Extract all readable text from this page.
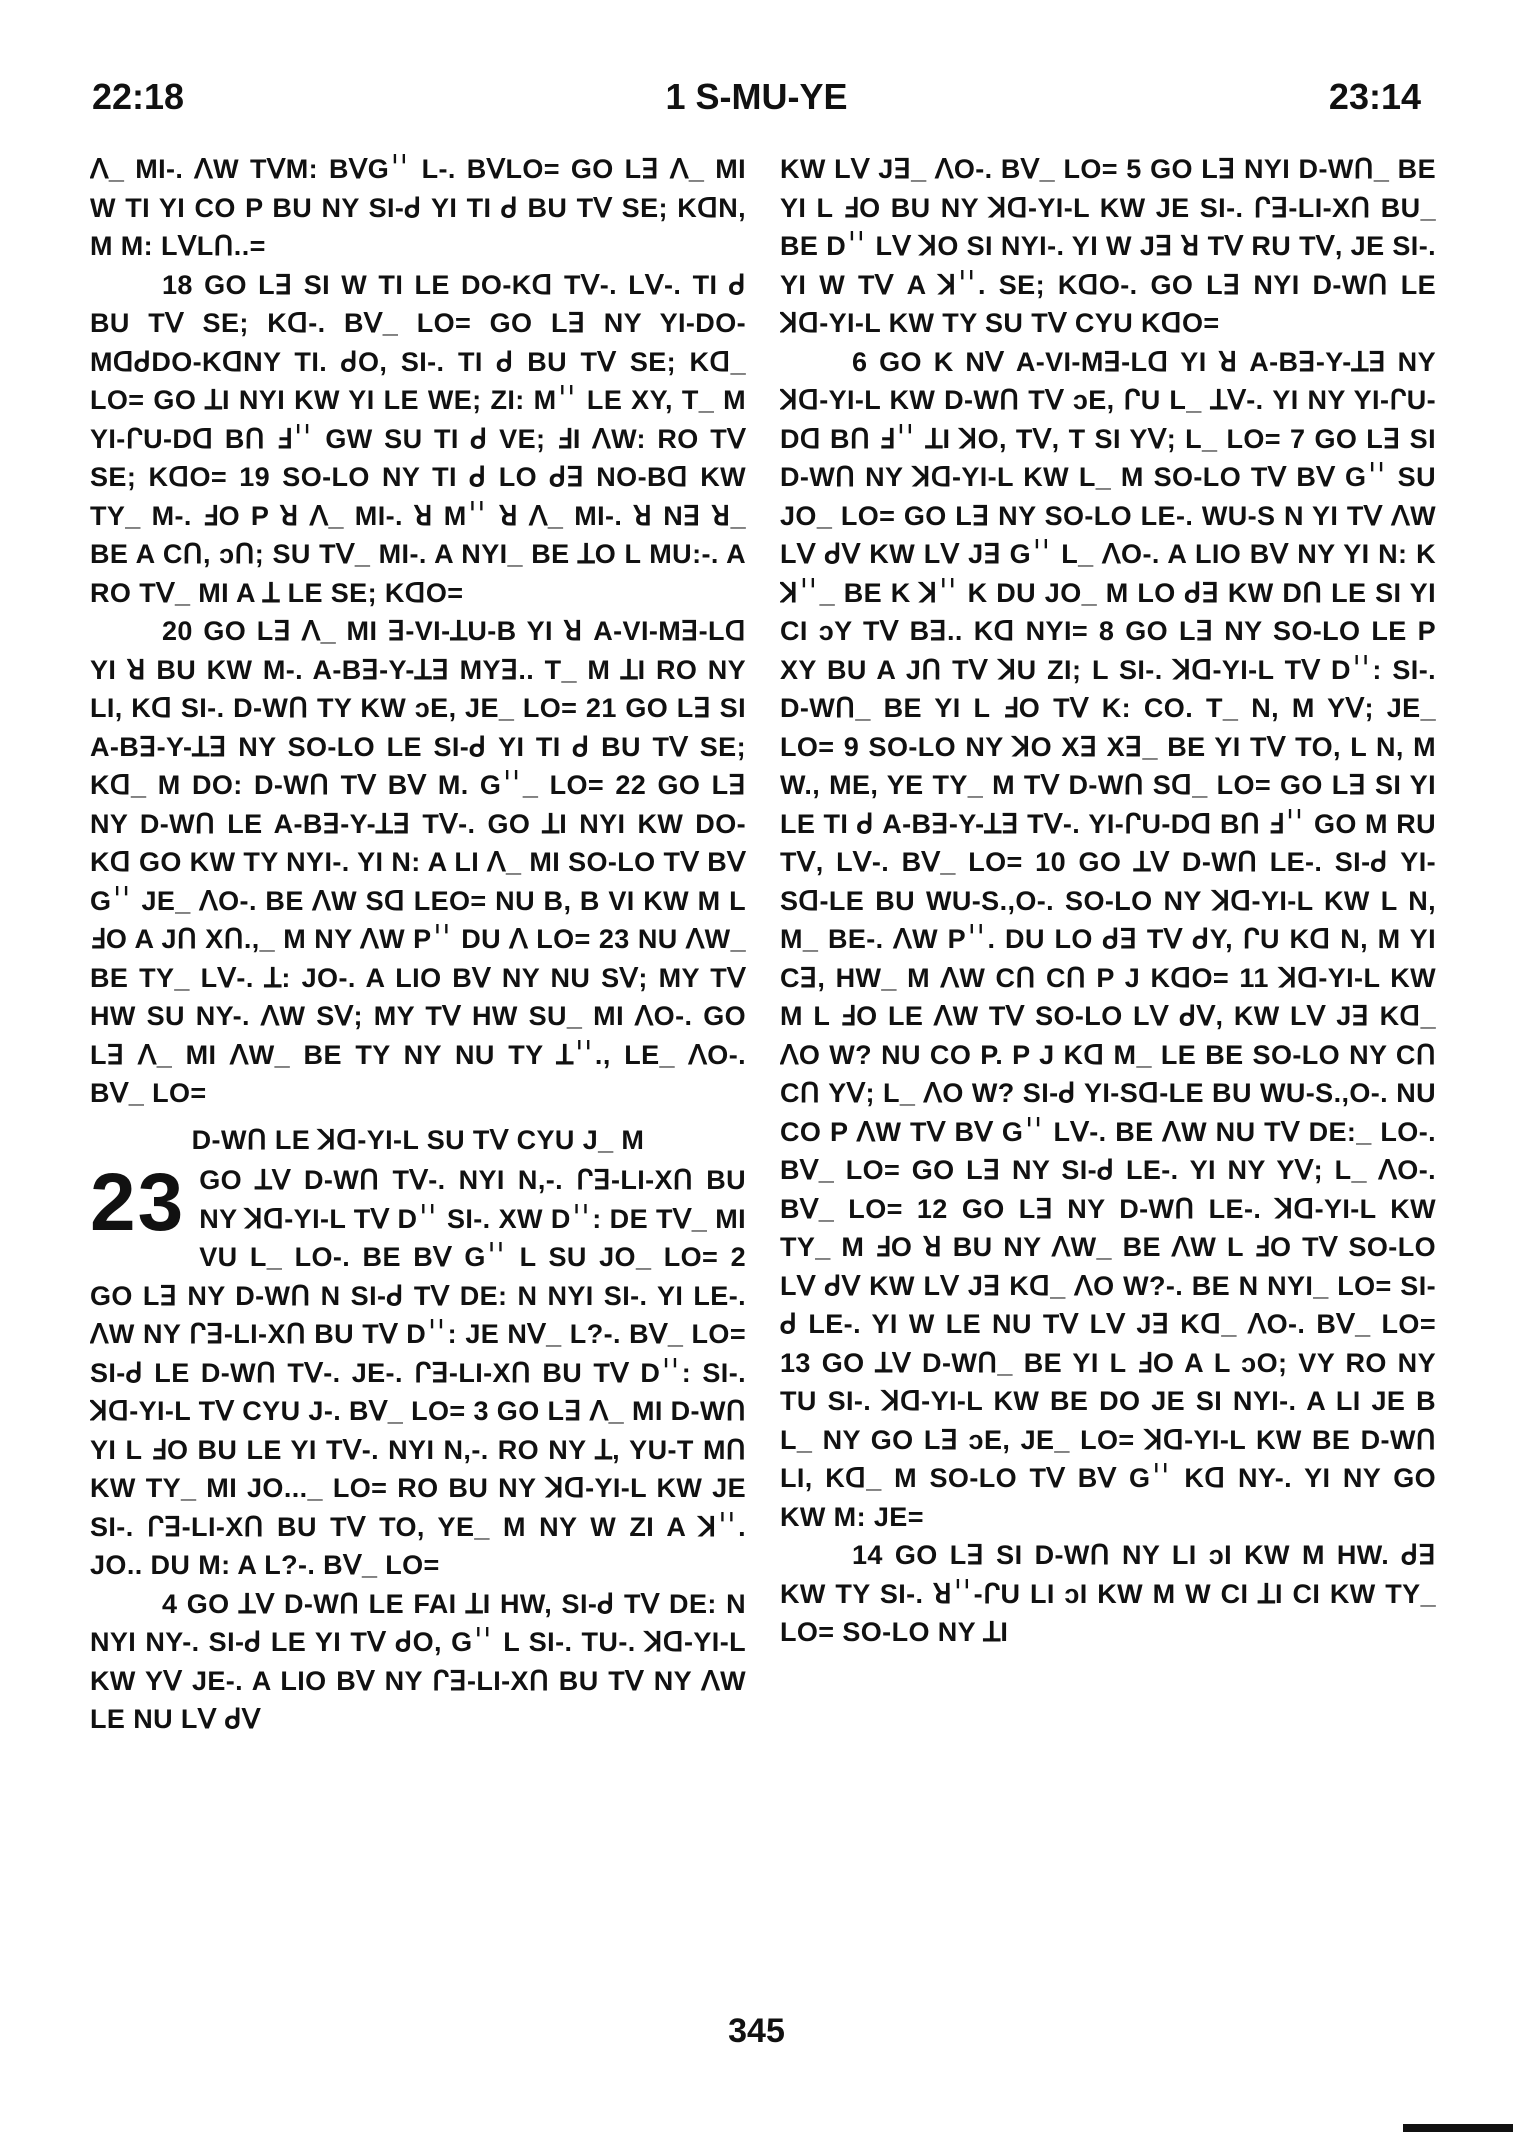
22:18	1 S-MU-YE	23:14

ᐱ_ MI-. ᐱW TᐯM: BᐯG꓆ L-. BᐯLO= GO Lꓱ ᐱ_ MI W TI YI CO P BU NY SI-ᑯ YI TI ᑯ BU Tᐯ SE; KᗡN, M M: LᐯLՈ..=

18 GO Lꓱ SI W TI LE DO-Kᗡ Tᐯ-. Lᐯ-. TI ᑯ BU Tᐯ SE; Kᗡ-. Bᐯ_ LO= GO Lꓱ NY YI-DO-MᗡᑯDO-KᗡNY TI. ᑯO, SI-. TI ᑯ BU Tᐯ SE; Kᗡ_ LO= GO ꓕI NYI KW YI LE WE; ZI: M꓆ LE XY, T_ M YI-ᒋU-Dᗡ BՈ ꓞ꓆ GW SU TI ᑯ VE; ꓞI ᐱW: RO Tᐯ SE; KᗡO= 19 SO-LO NY TI ᑯ LO ᑯꓱ NO-Bᗡ KW TY_ M-. ꓞO P ꓤ ᐱ_ MI-. ꓤ M꓆ ꓤ ᐱ_ MI-. ꓤ Nꓱ ꓤ_ BE A CՈ, ↄՈ; SU Tᐯ_ MI-. A NYI_ BE ꓕO L MU:-. A RO Tᐯ_ MI A ꓕ LE SE; KᗡO=

20 GO Lꓱ ᐱ_ MI ꓱ-VI-ꓕU-B YI ꓤ A-VI-Mꓱ-Lᗡ YI ꓤ BU KW M-. A-Bꓱ-Y-ꓕꓱ MYꓱ.. T_ M ꓕI RO NY LI, Kᗡ SI-. D-WՈ TY KW ↄE, JE_ LO= 21 GO Lꓱ SI A-Bꓱ-Y-ꓕꓱ NY SO-LO LE SI-ᑯ YI TI ᑯ BU Tᐯ SE; Kᗡ_ M DO: D-WՈ Tᐯ Bᐯ M. G꓆_ LO= 22 GO Lꓱ NY D-WՈ LE A-Bꓱ-Y-ꓕꓱ Tᐯ-. GO ꓕI NYI KW DO-Kᗡ GO KW TY NYI-. YI N: A LI ᐱ_ MI SO-LO Tᐯ Bᐯ G꓆ JE_ ᐱO-. BE ᐱW Sᗡ LEO= NU B, B VI KW M L ꓞO A JՈ XՈ.,_ M NY ᐱW P꓆ DU ᐱ LO= 23 NU ᐱW_ BE TY_ Lᐯ-. ꓕ: JO-. A LIO Bᐯ NY NU Sᐯ; MY Tᐯ HW SU NY-. ᐱW Sᐯ; MY Tᐯ HW SU_ MI ᐱO-. GO Lꓱ ᐱ_ MI ᐱW_ BE TY NY NU TY ꓕ꓆., LE_ ᐱO-. Bᐯ_ LO=

D-WՈ LE ꓘᗡ-YI-L SU Tᐯ CYU J_ M
23 GO ꓕᐯ D-WՈ Tᐯ-. NYI N,-. ᒋꓱ-LI-XՈ BU NY ꓘᗡ-YI-L Tᐯ D꓆ SI-. XW D꓆: DE Tᐯ_ MI VU L_ LO-. BE Bᐯ G꓆ L SU JO_ LO= 2 GO Lꓱ NY D-WՈ N SI-ᑯ Tᐯ DE: N NYI SI-. YI LE-. ᐱW NY ᒋꓱ-LI-XՈ BU Tᐯ D꓆: JE Nᐯ_ L?-. Bᐯ_ LO= SI-ᑯ LE D-WՈ Tᐯ-. JE-. ᒋꓱ-LI-XՈ BU Tᐯ D꓆: SI-. ꓘᗡ-YI-L Tᐯ CYU J-. Bᐯ_ LO= 3 GO Lꓱ ᐱ_ MI D-WՈ YI L ꓞO BU LE YI Tᐯ-. NYI N,-. RO NY ꓕ, YU-T MՈ KW TY_ MI JO..._ LO= RO BU NY ꓘᗡ-YI-L KW JE SI-. ᒋꓱ-LI-XՈ BU Tᐯ TO, YE_ M NY W ZI A ꓘ꓆. JO.. DU M: A L?-. Bᐯ_ LO=

4 GO ꓕᐯ D-WՈ LE FAI ꓕI HW, SI-ᑯ Tᐯ DE: N NYI NY-. SI-ᑯ LE YI Tᐯ ᑯO, G꓆ L SI-. TU-. ꓘᗡ-YI-L KW Yᐯ JE-. A LIO Bᐯ NY ᒋꓱ-LI-XՈ BU Tᐯ NY ᐱW LE NU Lᐯ ᑯᐯ

KW Lᐯ Jꓱ_ ᐱO-. Bᐯ_ LO= 5 GO Lꓱ NYI D-WՈ_ BE YI L ꓞO BU NY ꓘᗡ-YI-L KW JE SI-. ᒋꓱ-LI-XՈ BU_ BE D꓆ Lᐯ ꓘO SI NYI-. YI W Jꓱ ꓤ Tᐯ RU Tᐯ, JE SI-. YI W Tᐯ A ꓘ꓆. SE; KᗡO-. GO Lꓱ NYI D-WՈ LE ꓘᗡ-YI-L KW TY SU Tᐯ CYU KᗡO=

6 GO K Nᐯ A-VI-Mꓱ-Lᗡ YI ꓤ A-Bꓱ-Y-ꓕꓱ NY ꓘᗡ-YI-L KW D-WՈ Tᐯ ↄE, ᒋU L_ ꓕᐯ-. YI NY YI-ᒋU-Dᗡ BՈ ꓞ꓆ ꓕI ꓘO, Tᐯ, T SI Yᐯ; L_ LO= 7 GO Lꓱ SI D-WՈ NY ꓘᗡ-YI-L KW L_ M SO-LO Tᐯ Bᐯ G꓆ SU JO_ LO= GO Lꓱ NY SO-LO LE-. WU-S N YI Tᐯ ᐱW Lᐯ ᑯᐯ KW Lᐯ Jꓱ G꓆ L_ ᐱO-. A LIO Bᐯ NY YI N: K ꓘ꓆_ BE K ꓘ꓆ K DU JO_ M LO ᑯꓱ KW DՈ LE SI YI CI ↄY Tᐯ Bꓱ.. Kᗡ NYI= 8 GO Lꓱ NY SO-LO LE P XY BU A JՈ Tᐯ ꓘU ZI; L SI-. ꓘᗡ-YI-L Tᐯ D꓆: SI-. D-WՈ_ BE YI L ꓞO Tᐯ K: CO. T_ N, M Yᐯ; JE_ LO= 9 SO-LO NY ꓘO Xꓱ Xꓱ_ BE YI Tᐯ TO, L N, M W., ME, YE TY_ M Tᐯ D-WՈ Sᗡ_ LO= GO Lꓱ SI YI LE TI ᑯ A-Bꓱ-Y-ꓕꓱ Tᐯ-. YI-ᒋU-Dᗡ BՈ ꓞ꓆ GO M RU Tᐯ, Lᐯ-. Bᐯ_ LO= 10 GO ꓕᐯ D-WՈ LE-. SI-ᑯ YI-Sᗡ-LE BU WU-S.,O-. SO-LO NY ꓘᗡ-YI-L KW L N, M_ BE-. ᐱW P꓆. DU LO ᑯꓱ Tᐯ ᑯY, ᒋU Kᗡ N, M YI Cꓱ, HW_ M ᐱW CՈ CՈ P J KᗡO= 11 ꓘᗡ-YI-L KW M L ꓞO LE ᐱW Tᐯ SO-LO Lᐯ ᑯᐯ, KW Lᐯ Jꓱ Kᗡ_ ᐱO W? NU CO P. P J Kᗡ M_ LE BE SO-LO NY CՈ CՈ Yᐯ; L_ ᐱO W? SI-ᑯ YI-Sᗡ-LE BU WU-S.,O-. NU CO P ᐱW Tᐯ Bᐯ G꓆ Lᐯ-. BE ᐱW NU Tᐯ DE:_ LO-. Bᐯ_ LO= GO Lꓱ NY SI-ᑯ LE-. YI NY Yᐯ; L_ ᐱO-. Bᐯ_ LO= 12 GO Lꓱ NY D-WՈ LE-. ꓘᗡ-YI-L KW TY_ M ꓞO ꓤ BU NY ᐱW_ BE ᐱW L ꓞO Tᐯ SO-LO Lᐯ ᑯᐯ KW Lᐯ Jꓱ Kᗡ_ ᐱO W?-. BE N NYI_ LO= SI-ᑯ LE-. YI W LE NU Tᐯ Lᐯ Jꓱ Kᗡ_ ᐱO-. Bᐯ_ LO= 13 GO ꓕᐯ D-WՈ_ BE YI L ꓞO A L ↄO; VY RO NY TU SI-. ꓘᗡ-YI-L KW BE DO JE SI NYI-. A LI JE B L_ NY GO Lꓱ ↄE, JE_ LO= ꓘᗡ-YI-L KW BE D-WՈ LI, Kᗡ_ M SO-LO Tᐯ Bᐯ G꓆ Kᗡ NY-. YI NY GO KW M: JE=

14 GO Lꓱ SI D-WՈ NY LI ↄI KW M HW. ᑯꓱ KW TY SI-. ꓤ꓆-ᒋU LI ↄI KW M W CI ꓕI CI KW TY_ LO= SO-LO NY ꓕI

345
